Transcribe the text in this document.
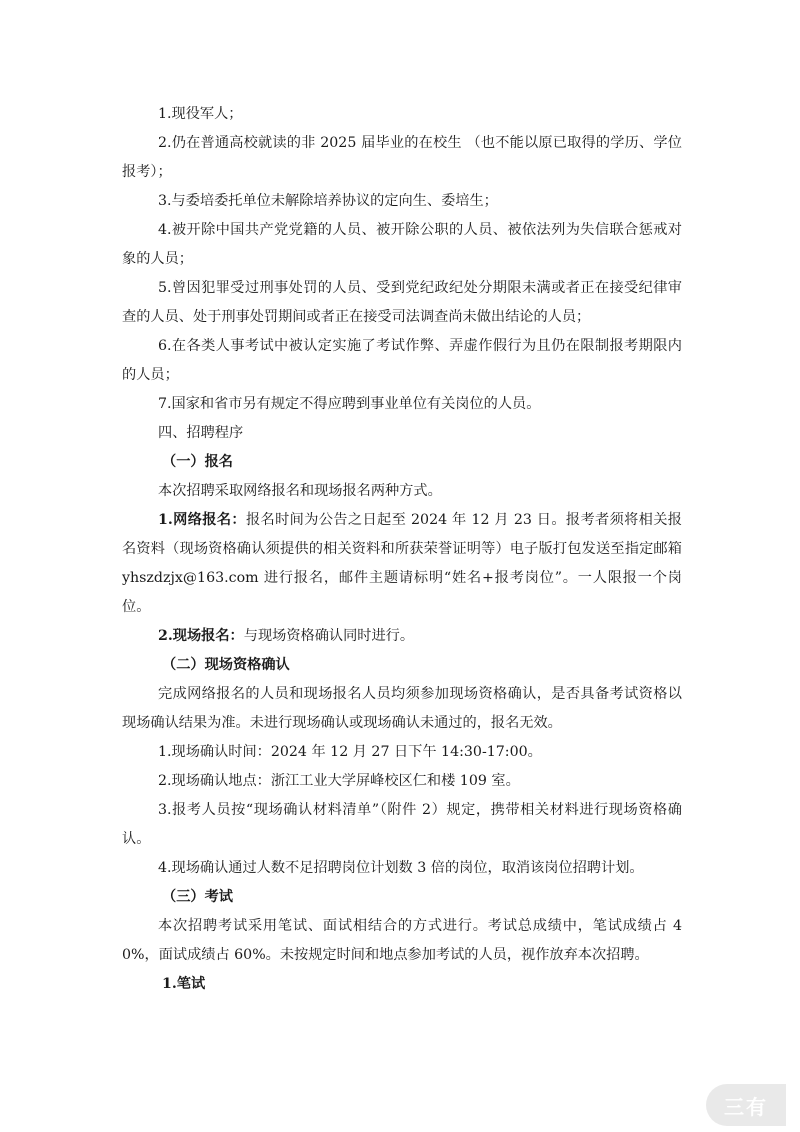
1.现役军人；

2.仍在普通高校就读的非 2025 届毕业的在校生 （也不能以原已取得的学历、学位报考）；

3.与委培委托单位未解除培养协议的定向生、委培生；

4.被开除中国共产党党籍的人员、被开除公职的人员、被依法列为失信联合惩戒对象的人员；

5.曾因犯罪受过刑事处罚的人员、受到党纪政纪处分期限未满或者正在接受纪律审查的人员、处于刑事处罚期间或者正在接受司法调查尚未做出结论的人员；

6.在各类人事考试中被认定实施了考试作弊、弄虚作假行为且仍在限制报考期限内的人员；

7.国家和省市另有规定不得应聘到事业单位有关岗位的人员。

四、招聘程序

（一）报名

本次招聘采取网络报名和现场报名两种方式。

1.网络报名：报名时间为公告之日起至 2024 年 12 月 23 日。报考者须将相关报名资料（现场资格确认须提供的相关资料和所获荣誉证明等）电子版打包发送至指定邮箱 yhszdzjx@163.com 进行报名，邮件主题请标明“姓名+报考岗位”。一人限报一个岗位。

2.现场报名：与现场资格确认同时进行。

（二）现场资格确认

完成网络报名的人员和现场报名人员均须参加现场资格确认，是否具备考试资格以现场确认结果为准。未进行现场确认或现场确认未通过的，报名无效。

1.现场确认时间：2024 年 12 月 27 日下午 14:30-17:00。

2.现场确认地点：浙江工业大学屏峰校区仁和楼 109 室。

3.报考人员按“现场确认材料清单”（附件 2）规定，携带相关材料进行现场资格确认。

4.现场确认通过人数不足招聘岗位计划数 3 倍的岗位，取消该岗位招聘计划。

（三）考试

本次招聘考试采用笔试、面试相结合的方式进行。考试总成绩中，笔试成绩占 40%，面试成绩占 60%。未按规定时间和地点参加考试的人员，视作放弃本次招聘。

1.笔试

三有
